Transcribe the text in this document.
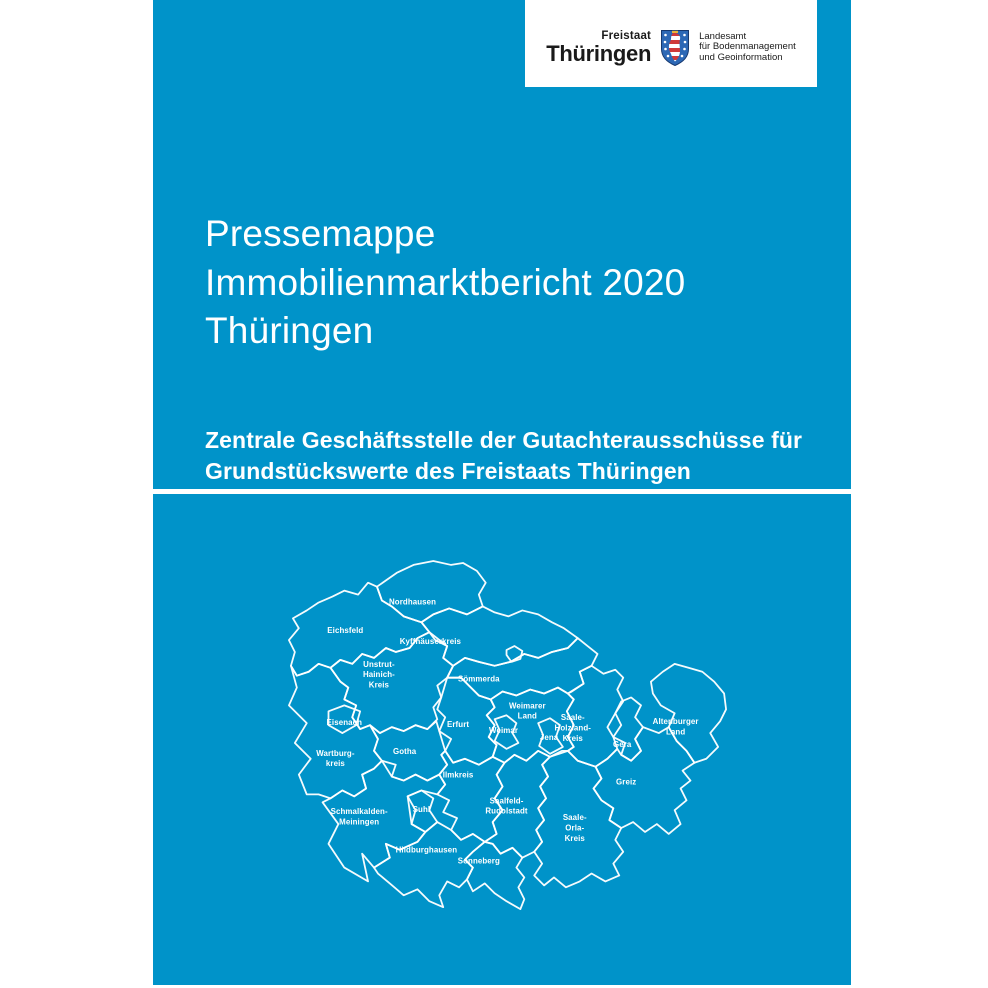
Freistaat
Thüringen
Landesamt
für Bodenmanagement
und Geoinformation
Pressemappe
Immobilienmarktbericht 2020
Thüringen
Zentrale Geschäftsstelle der Gutachterausschüsse für
Grundstückswerte des Freistaats Thüringen
Nordhausen
Eichsfeld
Kyffhäuserkreis
Unstrut-Hainich-Kreis
Sömmerda
Weimarer Land
Erfurt
Weimar
Jena
Saale-Holzland-Kreis
Altenburger Land
Gera
Eisenach
Wartburg-kreis
Gotha
Ilmkreis
Greiz
Schmalkalden-Meiningen
Suhl
Saalfeld-Rudolstadt
Saale-Orla-Kreis
Hildburghausen
Sonneberg
